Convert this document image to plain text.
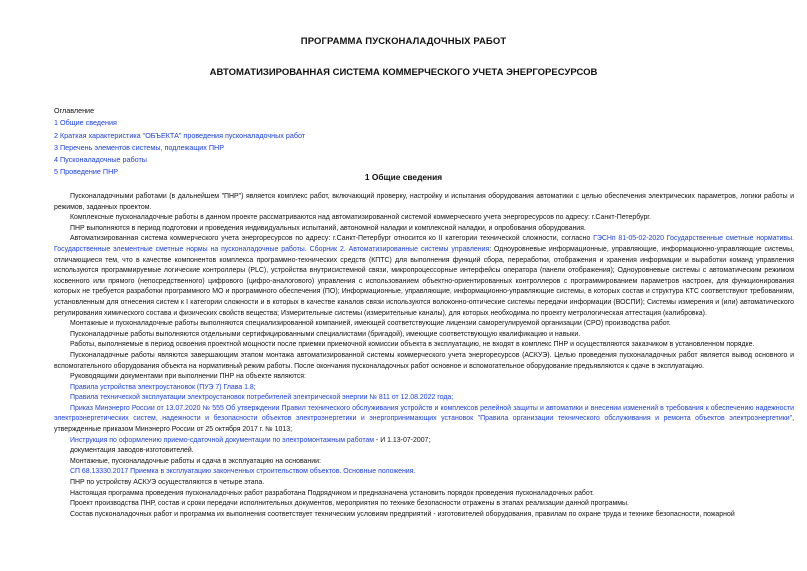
ПРОГРАММА ПУСКОНАЛАДОЧНЫХ РАБОТ
АВТОМАТИЗИРОВАННАЯ СИСТЕМА КОММЕРЧЕСКОГО УЧЕТА ЭНЕРГОРЕСУРСОВ
Оглавление
1 Общие сведения
2 Краткая характеристика "ОБЪЕКТА" проведения пусконаладочных работ
3 Перечень элементов системы, подлежащих ПНР
4 Пусконаладочные работы
5 Проведение ПНР
1 Общие сведения

Пусконаладочными работами (в дальнейшем "ПНР") является комплекс работ, включающий проверку, настройку и испытания оборудования автоматики с целью обеспечения электрических параметров, логики работы и режимов, заданных проектом.

Комплексные пусконаладочные работы в данном проекте рассматриваются над автоматизированной системой коммерческого учета энергоресурсов по адресу: г.Санкт-Петербург.

ПНР выполняются в период подготовки и проведения индивидуальных испытаний, автономной наладки и комплексной наладки, и опробования оборудования.

Автоматизированная система коммерческого учета энергоресурсов по адресу: г.Санкт-Петербург относится ко II категории технической сложности, согласно ГЭСНп 81-05-02-2020 Государственные сметные нормативы. Государственные элементные сметные нормы на пусконаладочные работы. Сборник 2. Автоматизированные системы управления: Одноуровневые информационные, управляющие, информационно-управляющие системы, отличающиеся тем, что в качестве компонентов комплекса программно-технических средств (КПТС) для выполнения функций сбора, переработки, отображения и хранения информации и выработки команд управления используются программируемые логические контроллеры (PLC), устройства внутрисистемной связи, микропроцессорные интерфейсы оператора (панели отображения); Одноуровневые системы с автоматическим режимом косвенного или прямого (непосредственного) цифрового (цифро-аналогового) управления с использованием объектно-ориентированных контроллеров с программированием параметров настроек, для функционирования которых не требуется разработки программного МО и программного обеспечения (ПО); Информационные, управляющие, информационно-управляющие системы, в которых состав и структура КТС соответствуют требованиям, установленным для отнесения систем к I категории сложности и в которых в качестве каналов связи используются волоконно-оптические системы передачи информации (ВОСПИ); Системы измерения и (или) автоматического регулирования химического состава и физических свойств вещества; Измерительные системы (измерительные каналы), для которых необходима по проекту метрологическая аттестация (калибровка).

Монтажные и пусконаладочные работы выполняются специализированной компанией, имеющей соответствующие лицензии саморегулируемой организации (СРО) производства работ.

Пусконаладочные работы выполняются отдельными сертифицированными специалистами (бригадой), имеющие соответствующую квалификацию и навыки.

Работы, выполняемые в период освоения проектной мощности после приемки приемочной комиссии объекта в эксплуатацию, не входят в комплекс ПНР и осуществляются заказчиком в установленном порядке.

Пусконаладочные работы являются завершающим этапом монтажа автоматизированной системы коммерческого учета энергоресурсов (АСКУЭ). Целью проведения пусконаладочных работ является вывод основного и вспомогательного оборудования объекта на нормативный режим работы. После окончания пусконаладочных работ основное и вспомогательное оборудование предъявляются к сдаче в эксплуатацию.

Руководящими документами при выполнении ПНР на объекте являются:

Правила устройства электроустановок (ПУЭ 7) Глава 1.8;

Правила технической эксплуатации электроустановок потребителей электрической энергии № 811 от 12.08.2022 года;

Приказ Минэнерго России от 13.07.2020 № 555 Об утверждении Правил технического обслуживания устройств и комплексов релейной защиты и автоматики и внесении изменений в требования к обеспечению надежности электроэнергетических систем, надежности и безопасности объектов электроэнергетики и энергопринимающих установок "Правила организации технического обслуживания и ремонта объектов электроэнергетики", утвержденные приказом Минэнерго России от 25 октября 2017 г. № 1013;

Инструкция по оформлению приемо-сдаточной документации по электромонтажным работам - И 1.13-07-2007;

документация заводов-изготовителей.

Монтажные, пусконаладочные работы и сдача в эксплуатацию на основании:

СП 68.13330.2017 Приемка в эксплуатацию законченных строительством объектов. Основные положения.

ПНР по устройству АСКУЭ осуществляются в четыре этапа.

Настоящая программа проведения пусконаладочных работ разработана Подрядчиком и предназначена установить порядок проведения пусконаладочных работ.

Проект производства ПНР, состав и сроки передачи исполнительных документов, мероприятия по технике безопасности отражены в этапах реализации данной программы.

Состав пусконаладочных работ и программа их выполнения соответствует техническим условиям предприятий - изготовителей оборудования, правилам по охране труда и технике безопасности, пожарной
